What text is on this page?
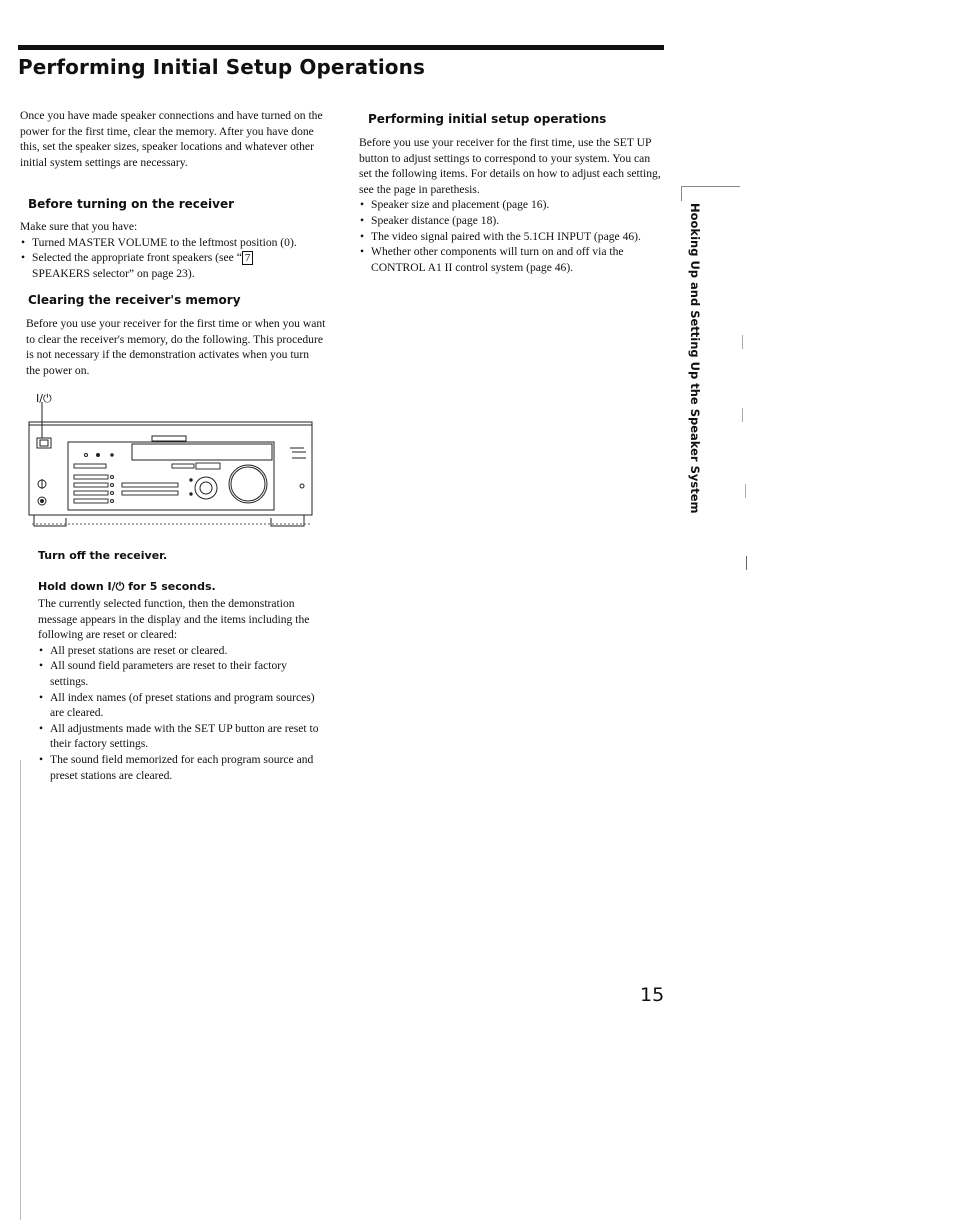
Performing Initial Setup Operations

Once you have made speaker connections and have turned on the power for the first time, clear the memory. After you have done this, set the speaker sizes, speaker locations and whatever other initial system settings are necessary.

Before turning on the receiver

Make sure that you have:

• Turned MASTER VOLUME to the leftmost position (0).
• Selected the appropriate front speakers (see “ 7
SPEAKERS selector” on page 23).

Clearing the receiver's memory

Before you use your receiver for the first time or when you want to clear the receiver's memory, do the following. This procedure is not necessary if the demonstration activates when you turn the power on.

I/⏻
Turn off the receiver.
Hold down I/⏻ for 5 seconds.

The currently selected function, then the demonstration message appears in the display and the items including the following are reset or cleared:

• All preset stations are reset or cleared.
• All sound field parameters are reset to their factory settings.
• All index names (of preset stations and program sources) are cleared.
• All adjustments made with the SET UP button are reset to their factory settings.
• The sound field memorized for each program source and preset stations are cleared.

Performing initial setup operations

Before you use your receiver for the first time, use the SET UP button to adjust settings to correspond to your system. You can set the following items. For details on how to adjust each setting, see the page in parethesis.

• Speaker size and placement (page 16).
• Speaker distance (page 18).
• The video signal paired with the 5.1CH INPUT (page 46).
• Whether other components will turn on and off via the CONTROL A1 II control system (page 46).	Hooking Up and Setting Up the Speaker System
15
